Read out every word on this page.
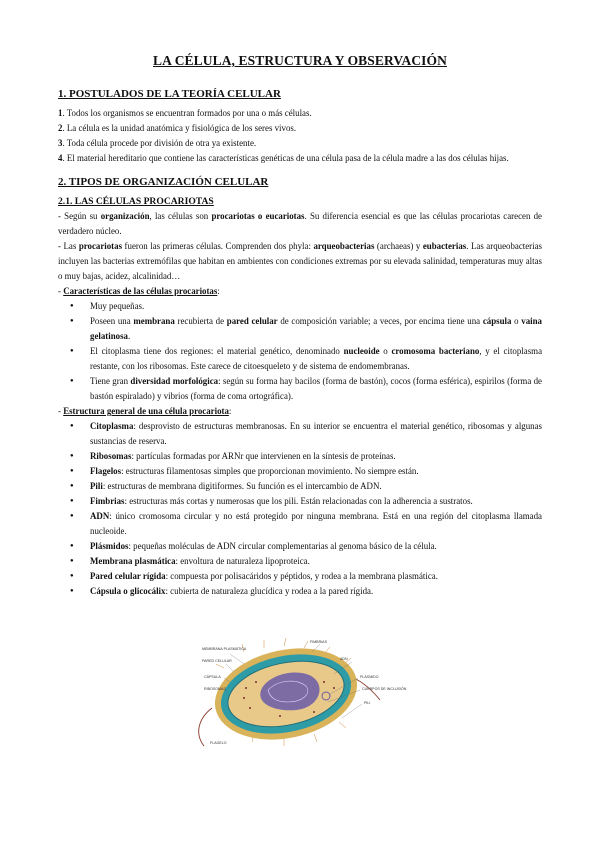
LA CÉLULA, ESTRUCTURA Y OBSERVACIÓN
1. POSTULADOS DE LA TEORÍA CELULAR

1. Todos los organismos se encuentran formados por una o más células.

2. La célula es la unidad anatómica y fisiológica de los seres vivos.

3. Toda célula procede por división de otra ya existente.

4. El material hereditario que contiene las características genéticas de una célula pasa de la célula madre a las dos células hijas.

2. TIPOS DE ORGANIZACIÓN CELULAR
2.1. LAS CÉLULAS PROCARIOTAS

- Según su organización, las células son procariotas o eucariotas. Su diferencia esencial es que las células procariotas carecen de verdadero núcleo.

- Las procariotas fueron las primeras células. Comprenden dos phyla: arqueobacterias (archaeas) y eubacterias. Las arqueobacterias incluyen las bacterias extremófilas que habitan en ambientes con condiciones extremas por su elevada salinidad, temperaturas muy altas o muy bajas, acidez, alcalinidad…

- Características de las células procariotas:

● Muy pequeñas.
● Poseen una membrana recubierta de pared celular de composición variable; a veces, por encima tiene una cápsula o vaina gelatinosa.
● El citoplasma tiene dos regiones: el material genético, denominado nucleoide o cromosoma bacteriano, y el citoplasma restante, con los ribosomas. Este carece de citoesqueleto y de sistema de endomembranas.
● Tiene gran diversidad morfológica: según su forma hay bacilos (forma de bastón), cocos (forma esférica), espirilos (forma de bastón espiralado) y vibrios (forma de coma ortográfica).

- Estructura general de una célula procariota:

● Citoplasma: desprovisto de estructuras membranosas. En su interior se encuentra el material genético, ribosomas y algunas sustancias de reserva.
● Ribosomas: partículas formadas por ARNr que intervienen en la síntesis de proteínas.
● Flagelos: estructuras filamentosas simples que proporcionan movimiento. No siempre están.
● Pili: estructuras de membrana digitiformes. Su función es el intercambio de ADN.
● Fimbrias: estructuras más cortas y numerosas que los pili. Están relacionadas con la adherencia a sustratos.
● ADN: único cromosoma circular y no está protegido por ninguna membrana. Está en una región del citoplasma llamada nucleoide.
● Plásmidos: pequeñas moléculas de ADN circular complementarias al genoma básico de la célula.
● Membrana plasmática: envoltura de naturaleza lipoproteica.
● Pared celular rígida: compuesta por polisacáridos y péptidos, y rodea a la membrana plasmática.
● Cápsula o glicocálix: cubierta de naturaleza glucídica y rodea a la pared rígida.
MEMBRANA PLASMÁTICA
PARED CELULAR
CÁPSULA
RIBOSOMAS
FIMBRIAS
ADN
PLÁSMIDO
CUERPOS DE INCLUSIÓN
PILI
FLAGELO
